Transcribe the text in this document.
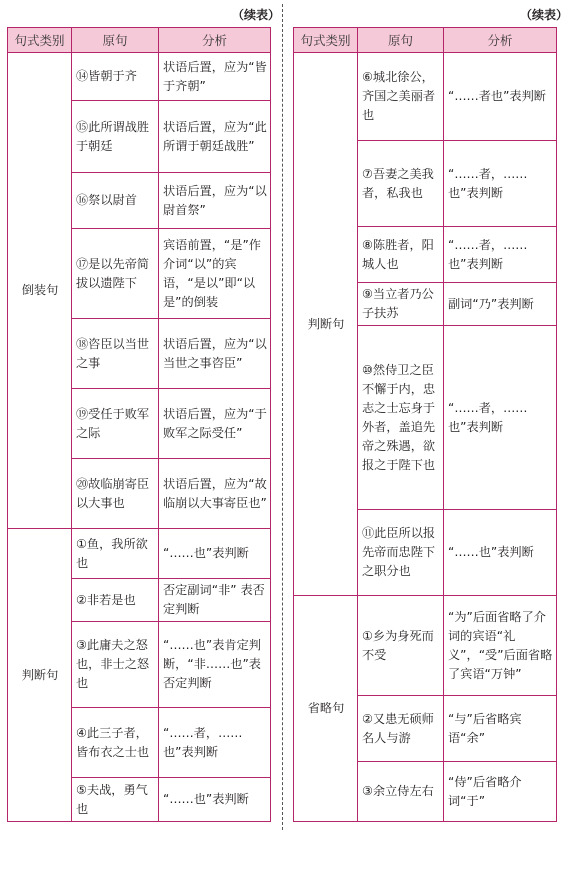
（续表）	（续表）
句式类别	原句	分析
倒装句	⑭皆朝于齐	状语后置，应为“皆于齐朝”
	⑮此所谓战胜于朝廷	状语后置，应为“此所谓于朝廷战胜”
	⑯祭以尉首	状语后置，应为“以尉首祭”
	⑰是以先帝简拔以遗陛下	宾语前置，“是”作介词“以”的宾语，“是以”即“以是”的倒装
	⑱咨臣以当世之事	状语后置，应为“以当世之事咨臣”
	⑲受任于败军之际	状语后置，应为“于败军之际受任”
	⑳故临崩寄臣以大事也	状语后置，应为“故临崩以大事寄臣也”
判断句	①鱼，我所欲也	“……也”表判断
	②非若是也	否定副词“非” 表否定判断
	③此庸夫之怒也，非士之怒也	“……也”表肯定判断，“非……也”表否定判断
	④此三子者，皆布衣之士也	“……者，……也”表判断
	⑤夫战，勇气也	“……也”表判断
句式类别	原句	分析
判断句	⑥城北徐公，齐国之美丽者也	“……者也”表判断
	⑦吾妻之美我者，私我也	“……者，……也”表判断
	⑧陈胜者，阳城人也	“……者，……也”表判断
	⑨当立者乃公子扶苏	副词“乃”表判断
	⑩然侍卫之臣不懈于内，忠志之士忘身于外者，盖追先帝之殊遇，欲报之于陛下也	“……者，……也”表判断
	⑪此臣所以报先帝而忠陛下之职分也	“……也”表判断
省略句	①乡为身死而不受	“为”后面省略了介词的宾语“礼义”，“受”后面省略了宾语“万钟”
	②又患无硕师名人与游	“与”后省略宾语“余”
	③余立侍左右	“侍”后省略介词“于”
